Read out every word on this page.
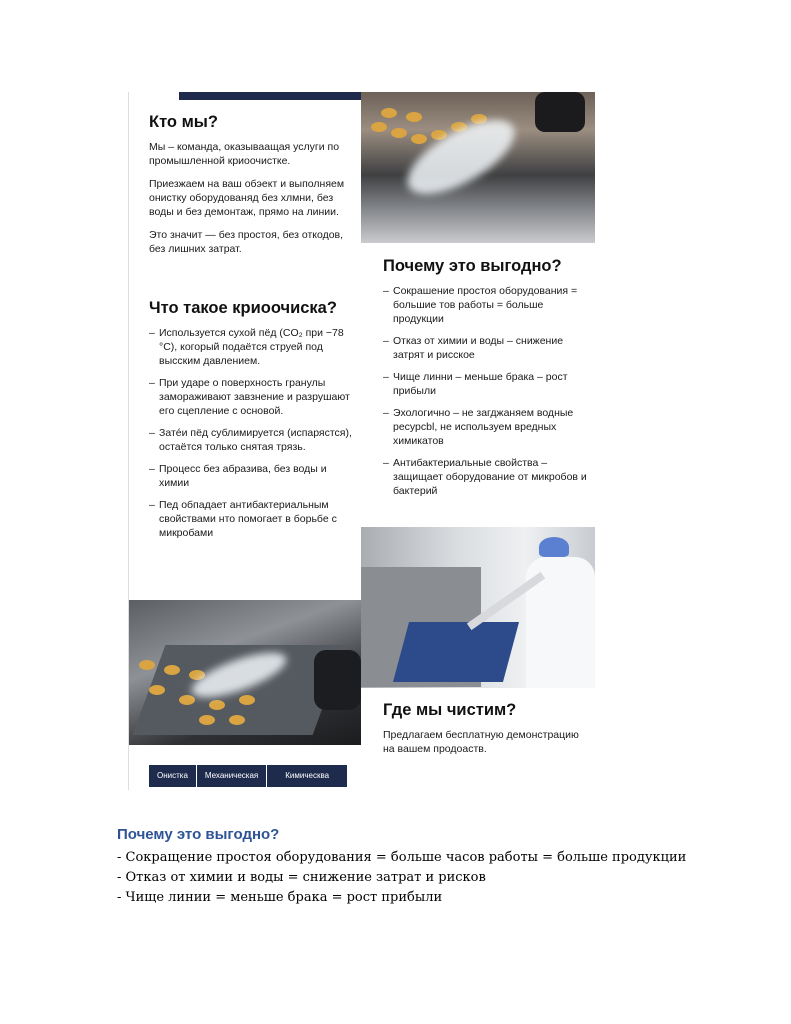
Кто мы?

Мы – команда, оказываащая услуги по промышленной криоочистке.

Приезжаем на ваш обэект и выполняем онистку оборудованяд без хлмни, без воды и без демонтаж, прямо на линии.

Это значит — без простоя, без откодов, без лишних затрат.

Что такое криоочиска?
– Используется сухой пёд (CO₂ при −78 °C), когорый подаётся струей под высским давлением.
– При ударе о поверхность гранулы замораживают завзнение и разрушают его сцепление с основой.
– Затéи пёд сублимируется (испарястся), остаётся только снятая трязь.
– Процесс без абразива, без воды и химии
– Пед обпадает антибактериальным свойствами нто помогает в борьбе с микробами
Почему это выгодно?
– Сокрашение простоя оборудования = большие тов работы = больше продукции
– Отказ от химии и воды – снижение затрят и рисское
– Чище линни – меньше брака – рост прибыли
– Эхологично – не загджаняем водные ресурсbl, не используем вредных химикатов
– Антибактериальные свойства – защищает оборудование от микробов и бактерий
Где мы чистим?

Предлагаем бесплатную демонстрацию на вашем продоаств.

Онистка	Механическая	Кимическва
Почему это выгодно?
- Сокращение простоя оборудования = больше часов работы = больше продукции
- Отказ от химии и воды = снижение затрат и рисков
- Чище линии = меньше брака = рост прибыли
